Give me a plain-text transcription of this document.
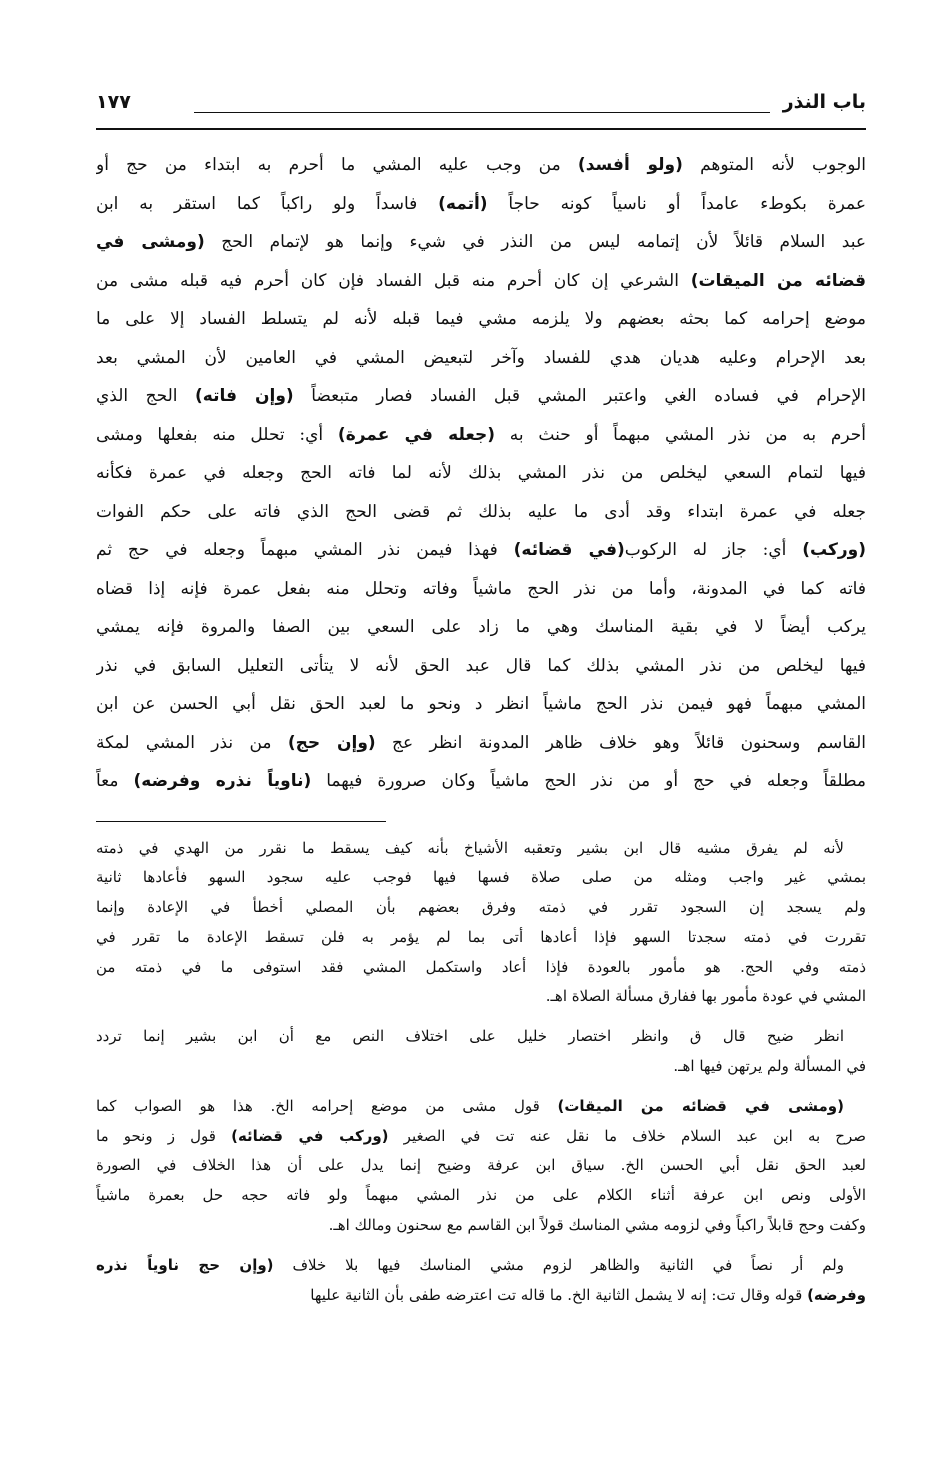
باب النذر
١٧٧
الوجوب لأنه المتوهم (ولو أفسد) من وجب عليه المشي ما أحرم به ابتداء من حج أو
عمرة بكوطء عامداً أو ناسياً كونه حاجاً (أتمه) فاسداً ولو راكباً كما استقر به ابن
عبد السلام قائلاً لأن إتمامه ليس من النذر في شيء وإنما هو لإتمام الحج (ومشى في
قضائه من الميقات) الشرعي إن كان أحرم منه قبل الفساد فإن كان أحرم فيه قبله مشى من
موضع إحرامه كما بحثه بعضهم ولا يلزمه مشي فيما قبله لأنه لم يتسلط الفساد إلا على ما
بعد الإحرام وعليه هديان هدي للفساد وآخر لتبعيض المشي في العامين لأن المشي بعد
الإحرام في فساده الغي واعتبر المشي قبل الفساد فصار متبعضاً (وإن فاته) الحج الذي
أحرم به من نذر المشي مبهماً أو حنث به (جعله في عمرة) أي: تحلل منه بفعلها ومشى
فيها لتمام السعي ليخلص من نذر المشي بذلك لأنه لما فاته الحج وجعله في عمرة فكأنه
جعله في عمرة ابتداء وقد أدى ما عليه بذلك ثم قضى الحج الذي فاته على حكم الفوات
(وركب) أي: جاز له الركوب(في قضائه) فهذا فيمن نذر المشي مبهماً وجعله في حج ثم
فاته كما في المدونة، وأما من نذر الحج ماشياً وفاته وتحلل منه بفعل عمرة فإنه إذا قضاه
يركب أيضاً لا في بقية المناسك وهي ما زاد على السعي بين الصفا والمروة فإنه يمشي
فيها ليخلص من نذر المشي بذلك كما قال عبد الحق لأنه لا يتأتى التعليل السابق في نذر
المشي مبهماً فهو فيمن نذر الحج ماشياً انظر د ونحو ما لعبد الحق نقل أبي الحسن عن ابن
القاسم وسحنون قائلاً وهو خلاف ظاهر المدونة انظر عج (وإن حج) من نذر المشي لمكة
مطلقاً وجعله في حج أو من نذر الحج ماشياً وكان صرورة فيهما (ناوياً نذره وفرضه) معاً
لأنه لم يفرق مشيه قال ابن بشير وتعقبه الأشياخ بأنه كيف يسقط ما نقرر من الهدي في ذمته
بمشي غير واجب ومثله من صلى صلاة فسها فيها فوجب عليه سجود السهو فأعادها ثانية
ولم يسجد إن السجود تقرر في ذمته وفرق بعضهم بأن المصلي أخطأ في الإعادة وإنما
تقررت في ذمته سجدتا السهو فإذا أعادها أتى بما لم يؤمر به فلن تسقط الإعادة ما تقرر في
ذمته وفي الحج. هو مأمور بالعودة فإذا أعاد واستكمل المشي فقد استوفى ما في ذمته من
المشي في عودة مأمور بها ففارق مسألة الصلاة اهـ.
انظر ضيح قال ق وانظر اختصار خليل على اختلاف النص مع أن ابن بشير إنما تردد
في المسألة ولم يرتهن فيها اهـ.
(ومشى في قضائه من الميقات) قول مشى من موضع إحرامه الخ. هذا هو الصواب كما
صرح به ابن عبد السلام خلاف ما نقل عنه تت في الصغير (وركب في قضائه) قول ز ونحو ما
لعبد الحق نقل أبي الحسن الخ. سياق ابن عرفة وضيح إنما يدل على أن هذا الخلاف في الصورة
الأولى ونص ابن عرفة أثناء الكلام على من نذر المشي مبهماً ولو فاته حجه حل بعمرة ماشياً
وكفت وحج قابلاً راكباً وفي لزومه مشي المناسك قولاً ابن القاسم مع سحنون ومالك اهـ.
ولم أر نصاً في الثانية والظاهر لزوم مشي المناسك فيها بلا خلاف (وإن حج ناوياً نذره
وفرضه) قوله وقال تت: إنه لا يشمل الثانية الخ. ما قاله تت اعترضه طفى بأن الثانية عليها
